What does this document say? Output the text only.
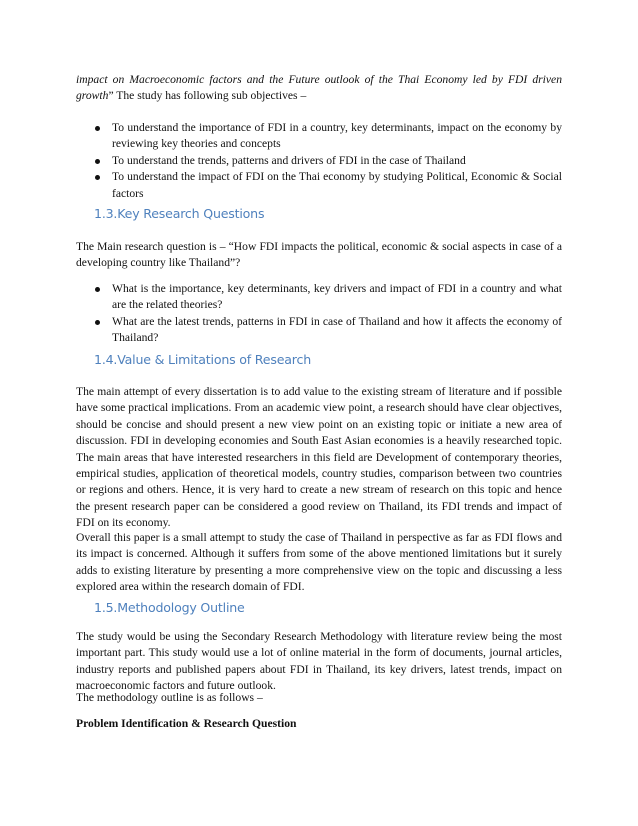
impact on Macroeconomic factors and the Future outlook of the Thai Economy led by FDI driven growth” The study has following sub objectives –

To understand the importance of FDI in a country, key determinants, impact on the economy by reviewing key theories and concepts
To understand the trends, patterns and drivers of FDI in the case of Thailand
To understand the impact of FDI on the Thai economy by studying Political, Economic & Social factors
1.3.Key Research Questions

The Main research question is – “How FDI impacts the political, economic & social aspects in case of a developing country like Thailand”?

What is the importance, key determinants, key drivers and impact of FDI in a country and what are the related theories?
What are the latest trends, patterns in FDI in case of Thailand and how it affects the economy of Thailand?
1.4.Value & Limitations of Research

The main attempt of every dissertation is to add value to the existing stream of literature and if possible have some practical implications. From an academic view point, a research should have clear objectives, should be concise and should present a new view point on an existing topic or initiate a new area of discussion. FDI in developing economies and South East Asian economies is a heavily researched topic. The main areas that have interested researchers in this field are Development of contemporary theories, empirical studies, application of theoretical models, country studies, comparison between two countries or regions and others. Hence, it is very hard to create a new stream of research on this topic and hence the present research paper can be considered a good review on Thailand, its FDI trends and impact of FDI on its economy.

Overall this paper is a small attempt to study the case of Thailand in perspective as far as FDI flows and its impact is concerned. Although it suffers from some of the above mentioned limitations but it surely adds to existing literature by presenting a more comprehensive view on the topic and discussing a less explored area within the research domain of FDI.

1.5.Methodology Outline

The study would be using the Secondary Research Methodology with literature review being the most important part. This study would use a lot of online material in the form of documents, journal articles, industry reports and published papers about FDI in Thailand, its key drivers, latest trends, impact on macroeconomic factors and future outlook.

The methodology outline is as follows –

Problem Identification & Research Question
